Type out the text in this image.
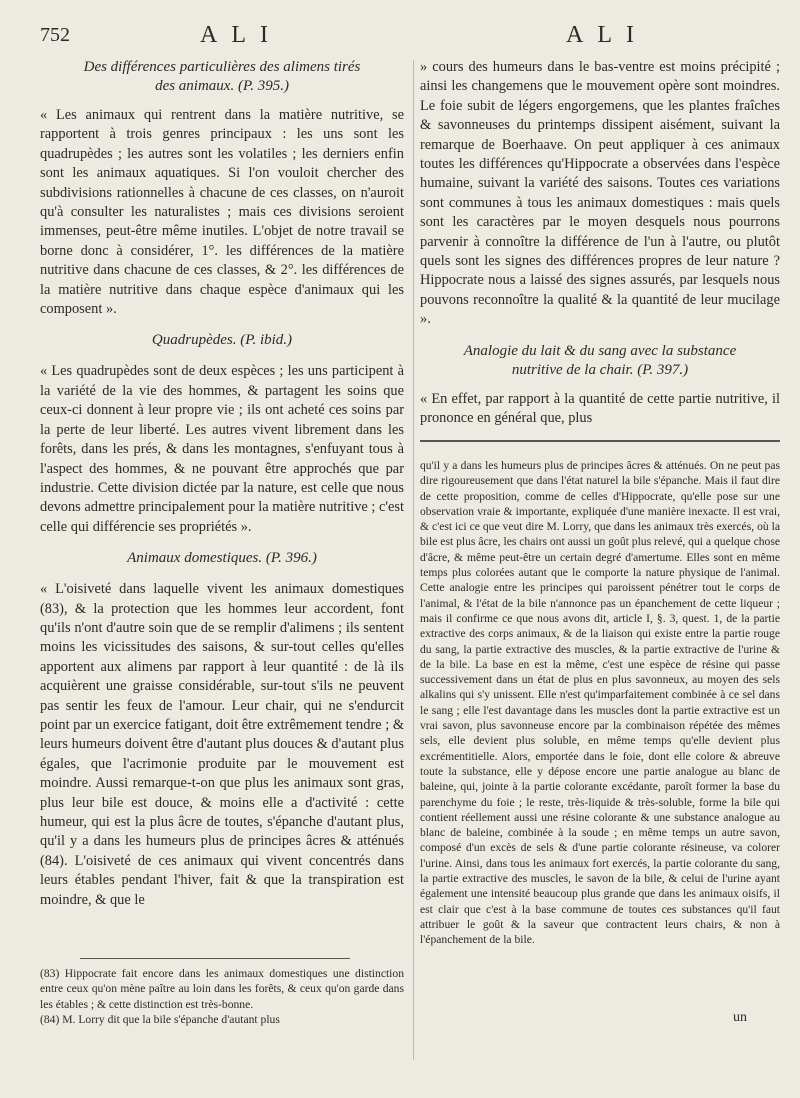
752	ALI	ALI

Des différences particulières des alimens tirés

des animaux. (P. 395.)

« Les animaux qui rentrent dans la matière nutritive, se rapportent à trois genres principaux : les uns sont les quadrupèdes ; les autres sont les volatiles ; les derniers enfin sont les animaux aquatiques. Si l'on vouloit chercher des subdivisions rationnelles à chacune de ces classes, on n'auroit qu'à consulter les naturalistes ; mais ces divisions seroient immenses, peut-être même inutiles. L'objet de notre travail se borne donc à considérer, 1°. les différences de la matière nutritive dans chacune de ces classes, & 2°. les différences de la matière nutritive dans chaque espèce d'animaux qui les composent ».

Quadrupèdes. (P. ibid.)

« Les quadrupèdes sont de deux espèces ; les uns participent à la variété de la vie des hommes, & partagent les soins que ceux-ci donnent à leur propre vie ; ils ont acheté ces soins par la perte de leur liberté. Les autres vivent librement dans les forêts, dans les prés, & dans les montagnes, s'enfuyant tous à l'aspect des hommes, & ne pouvant être approchés que par industrie. Cette division dictée par la nature, est celle que nous devons admettre principalement pour la matière nutritive ; c'est celle qui différencie ses propriétés ».

Animaux domestiques. (P. 396.)

« L'oisiveté dans laquelle vivent les animaux domestiques (83), & la protection que les hommes leur accordent, font qu'ils n'ont d'autre soin que de se remplir d'alimens ; ils sentent moins les vicissitudes des saisons, & sur-tout celles qu'elles apportent aux alimens par rapport à leur quantité : de là ils acquièrent une graisse considérable, sur-tout s'ils ne peuvent pas sentir les feux de l'amour. Leur chair, qui ne s'endurcit point par un exercice fatigant, doit être extrêmement tendre ; & leurs humeurs doivent être d'autant plus douces & d'autant plus égales, que l'acrimonie produite par le mouvement est moindre. Aussi remarque-t-on que plus les animaux sont gras, plus leur bile est douce, & moins elle a d'activité : cette humeur, qui est la plus âcre de toutes, s'épanche d'autant plus, qu'il y a dans les humeurs plus de principes âcres & atténués (84). L'oisiveté de ces animaux qui vivent concentrés dans leurs étables pendant l'hiver, fait & que la transpiration est moindre, & que le

(83) Hippocrate fait encore dans les animaux domestiques une distinction entre ceux qu'on mène paître au loin dans les forêts, & ceux qu'on garde dans les étables ; & cette distinction est très-bonne.

(84) M. Lorry dit que la bile s'épanche d'autant plus

» cours des humeurs dans le bas-ventre est moins précipité ; ainsi les changemens que le mouvement opère sont moindres. Le foie subit de légers engorgemens, que les plantes fraîches & savonneuses du printemps dissipent aisément, suivant la remarque de Boerhaave. On peut appliquer à ces animaux toutes les différences qu'Hippocrate a observées dans l'espèce humaine, suivant la variété des saisons. Toutes ces variations sont communes à tous les animaux domestiques : mais quels sont les caractères par le moyen desquels nous pourrons parvenir à connoître la différence de l'un à l'autre, ou plutôt quels sont les signes des différences propres de leur nature ? Hippocrate nous a laissé des signes assurés, par lesquels nous pouvons reconnoître la qualité & la quantité de leur mucilage ».

Analogie du lait & du sang avec la substance

nutritive de la chair. (P. 397.)

« En effet, par rapport à la quantité de cette partie nutritive, il prononce en général que, plus

qu'il y a dans les humeurs plus de principes âcres & atténués. On ne peut pas dire rigoureusement que dans l'état naturel la bile s'épanche. Mais il faut dire de cette proposition, comme de celles d'Hippocrate, qu'elle pose sur une observation vraie & importante, expliquée d'une manière inexacte. Il est vrai, & c'est ici ce que veut dire M. Lorry, que dans les animaux très exercés, où la bile est plus âcre, les chairs ont aussi un goût plus relevé, qui a quelque chose d'âcre, & même peut-être un certain degré d'amertume. Elles sont en même temps plus colorées autant que le comporte la nature physique de l'animal. Cette analogie entre les principes qui paroissent pénétrer tout le corps de l'animal, & l'état de la bile n'annonce pas un épanchement de cette liqueur ; mais il confirme ce que nous avons dit, article I, §. 3, quest. 1, de la partie extractive des corps animaux, & de la liaison qui existe entre la partie rouge du sang, la partie extractive des muscles, & la partie extractive de l'urine & de la bile. La base en est la même, c'est une espèce de résine qui passe successivement dans un état de plus en plus savonneux, au moyen des sels alkalins qui s'y unissent. Elle n'est qu'imparfaitement combinée à ce sel dans le sang ; elle l'est davantage dans les muscles dont la partie extractive est un vrai savon, plus savonneuse encore par la combinaison répétée des mêmes sels, elle devient plus soluble, en même temps qu'elle devient plus excrémentitielle. Alors, emportée dans le foie, dont elle colore & abreuve toute la substance, elle y dépose encore une partie analogue au blanc de baleine, qui, jointe à la partie colorante excédante, paroît former la base du parenchyme du foie ; le reste, très-liquide & très-soluble, forme la bile qui contient réellement aussi une résine colorante & une substance analogue au blanc de baleine, combinée à la soude ; en même temps un autre savon, composé d'un excès de sels & d'une partie colorante résineuse, va colorer l'urine. Ainsi, dans tous les animaux fort exercés, la partie colorante du sang, la partie extractive des muscles, le savon de la bile, & celui de l'urine ayant également une intensité beaucoup plus grande que dans les animaux oisifs, il est clair que c'est à la base commune de toutes ces substances qu'il faut attribuer le goût & la saveur que contractent leurs chairs, & non à l'épanchement de la bile.

un
